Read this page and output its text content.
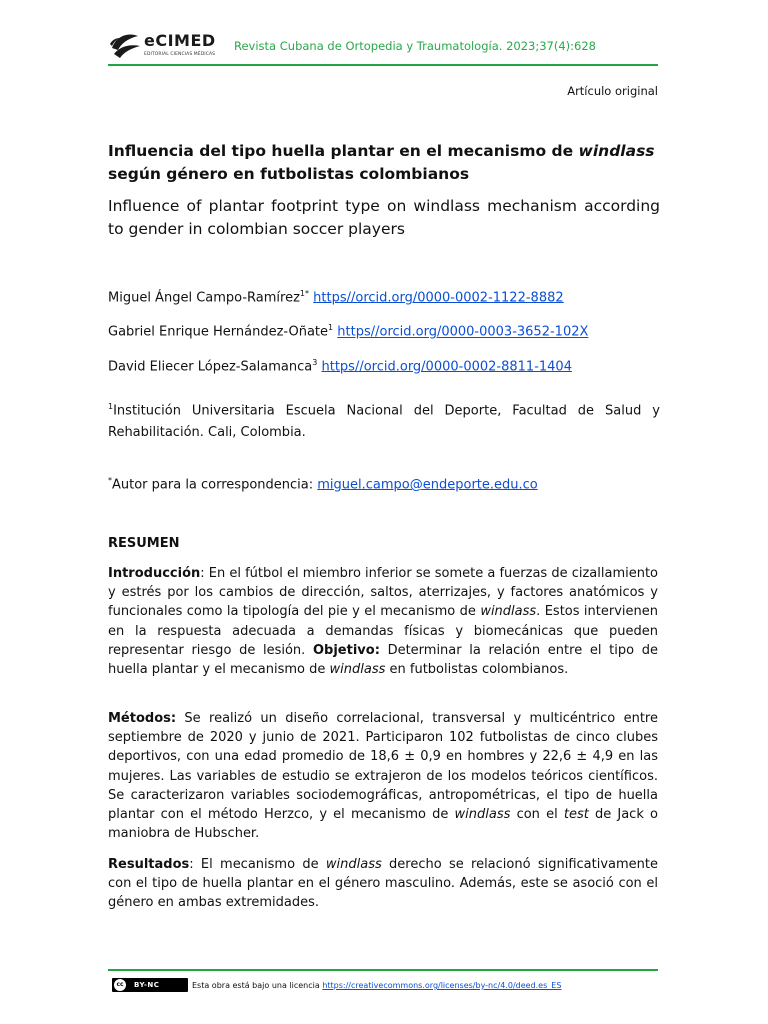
eCIMED
EDITORIAL CIENCIAS MÉDICAS
Revista Cubana de Ortopedia y Traumatología. 2023;37(4):628
Artículo original
Influencia del tipo huella plantar en el mecanismo de windlass según género en futbolistas colombianos
Influence of plantar footprint type on windlass mechanism according to gender in colombian soccer players
Miguel Ángel Campo-Ramírez$^{1*}$ https//orcid.org/0000-0002-1122-8882
Gabriel Enrique Hernández-Oñate$^1$ https//orcid.org/0000-0003-3652-102X
David Eliecer López-Salamanca$^3$ https//orcid.org/0000-0002-8811-1404
$^1$Institución Universitaria Escuela Nacional del Deporte, Facultad de Salud y Rehabilitación. Cali, Colombia.
*Autor para la correspondencia: miguel.campo@endeporte.edu.co
RESUMEN
Introducción: En el fútbol el miembro inferior se somete a fuerzas de cizallamiento y estrés por los cambios de dirección, saltos, aterrizajes, y factores anatómicos y funcionales como la tipología del pie y el mecanismo de windlass. Estos intervienen en la respuesta adecuada a demandas físicas y biomecánicas que pueden representar riesgo de lesión. Objetivo: Determinar la relación entre el tipo de huella plantar y el mecanismo de windlass en futbolistas colombianos.
Métodos: Se realizó un diseño correlacional, transversal y multicéntrico entre septiembre de 2020 y junio de 2021. Participaron 102 futbolistas de cinco clubes deportivos, con una edad promedio de 18,6 ± 0,9 en hombres y 22,6 ± 4,9 en las mujeres. Las variables de estudio se extrajeron de los modelos teóricos científicos. Se caracterizaron variables sociodemográficas, antropométricas, el tipo de huella plantar con el método Herzco, y el mecanismo de windlass con el test de Jack o maniobra de Hubscher.
Resultados: El mecanismo de windlass derecho se relacionó significativamente con el tipo de huella plantar en el género masculino. Además, este se asoció con el género en ambas extremidades.
cc	BY-NC	Esta obra está bajo una licencia https://creativecommons.org/licenses/by-nc/4.0/deed.es_ES
